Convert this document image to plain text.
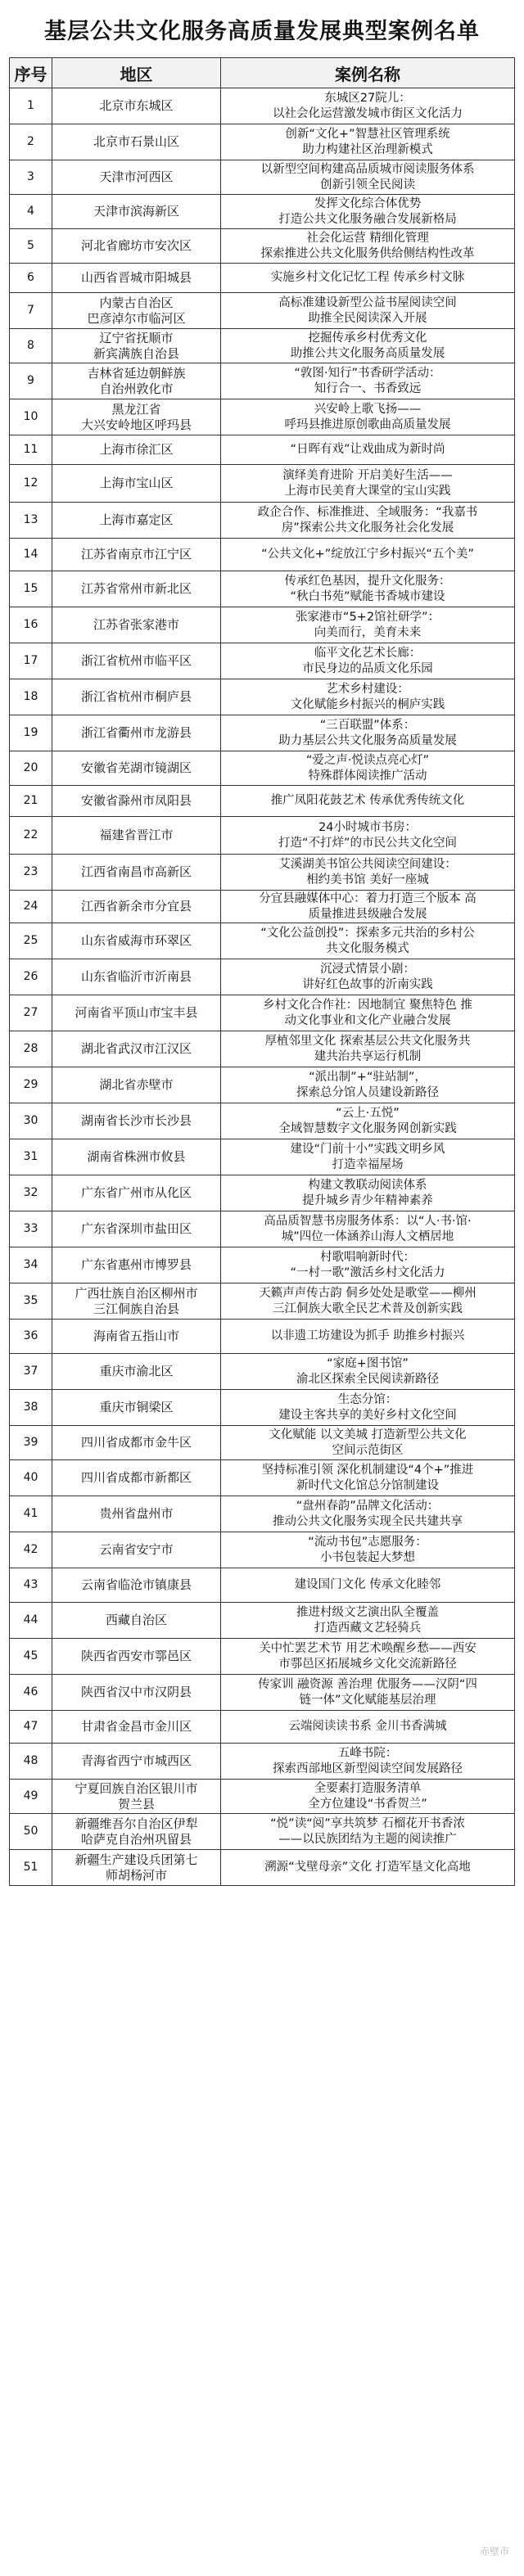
基层公共文化服务高质量发展典型案例名单
序号	地区	案例名称
1	北京市东城区	东城区27院儿：
以社会化运营激发城市街区文化活力

2	北京市石景山区	创新“文化+”智慧社区管理系统
助力构建社区治理新模式

3	天津市河西区	以新型空间构建高品质城市阅读服务体系
创新引领全民阅读

4	天津市滨海新区	发挥文化综合体优势
打造公共文化服务融合发展新格局

5	河北省廊坊市安次区	社会化运营 精细化管理
探索推进公共文化服务供给侧结构性改革

6	山西省晋城市阳城县	实施乡村文化记忆工程 传承乡村文脉

7	内蒙古自治区
巴彦淖尔市临河区	高标准建设新型公益书屋阅读空间
助推全民阅读深入开展

8	辽宁省抚顺市
新宾满族自治县	挖掘传承乡村优秀文化
助推公共文化服务高质量发展

9	吉林省延边朝鲜族
自治州敦化市	“敦图·知行”书香研学活动：
知行合一、书香致远

10	黑龙江省
大兴安岭地区呼玛县	兴安岭上歌飞扬——
呼玛县推进原创歌曲高质量发展

11	上海市徐汇区	“日晖有戏”让戏曲成为新时尚

12	上海市宝山区	演绎美育进阶 开启美好生活——
上海市民美育大课堂的宝山实践

13	上海市嘉定区	政企合作、标准推进、全域服务：“我嘉书
房”探索公共文化服务社会化发展

14	江苏省南京市江宁区	“公共文化+”绽放江宁乡村振兴“五个美”

15	江苏省常州市新北区	传承红色基因，提升文化服务：
“秋白书苑”赋能书香城市建设

16	江苏省张家港市	张家港市“5+2馆社研学”：
向美而行，美育未来

17	浙江省杭州市临平区	临平文化艺术长廊：
市民身边的品质文化乐园

18	浙江省杭州市桐庐县	艺术乡村建设：
文化赋能乡村振兴的桐庐实践

19	浙江省衢州市龙游县	“三百联盟”体系：
助力基层公共文化服务高质量发展

20	安徽省芜湖市镜湖区	“爱之声·悦读点亮心灯”
特殊群体阅读推广活动

21	安徽省滁州市凤阳县	推广凤阳花鼓艺术 传承优秀传统文化

22	福建省晋江市	24小时城市书房：
打造“不打烊”的市民公共文化空间

23	江西省南昌市高新区	艾溪湖美书馆公共阅读空间建设：
相约美书馆 美好一座城

24	江西省新余市分宜县	分宜县融媒体中心：着力打造三个版本 高
质量推进县级融合发展

25	山东省威海市环翠区	“文化公益创投”：探索多元共治的乡村公
共文化服务模式

26	山东省临沂市沂南县	沉浸式情景小剧：
讲好红色故事的沂南实践

27	河南省平顶山市宝丰县	乡村文化合作社：因地制宜 聚焦特色 推
动文化事业和文化产业融合发展

28	湖北省武汉市江汉区	厚植邻里文化 探索基层公共文化服务共
建共治共享运行机制

29	湖北省赤壁市	“派出制”+“驻站制”，
探索总分馆人员建设新路径

30	湖南省长沙市长沙县	“云上·五悦”
全域智慧数字文化服务网创新实践

31	湖南省株洲市攸县	建设“门前十小”实践文明乡风
打造幸福屋场

32	广东省广州市从化区	构建文教联动阅读体系
提升城乡青少年精神素养

33	广东省深圳市盐田区	高品质智慧书房服务体系：以“人·书·馆·
城”四位一体涵养山海人文栖居地

34	广东省惠州市博罗县	村歌唱响新时代：
“一村一歌”激活乡村文化活力

35	广西壮族自治区柳州市
三江侗族自治县	天籁声声传古韵 侗乡处处是歌堂——柳州
三江侗族大歌全民艺术普及创新实践

36	海南省五指山市	以非遗工坊建设为抓手 助推乡村振兴

37	重庆市渝北区	“家庭+图书馆”
渝北区探索全民阅读新路径

38	重庆市铜梁区	生态分馆：
建设主客共享的美好乡村文化空间

39	四川省成都市金牛区	文化赋能 以文美城 打造新型公共文化
空间示范街区

40	四川省成都市新都区	坚持标准引领 深化机制建设“4个+”推进
新时代文化馆总分馆制建设

41	贵州省盘州市	“盘州春韵”品牌文化活动：
推动公共文化服务实现全民共建共享

42	云南省安宁市	“流动书包”志愿服务：
小书包装起大梦想

43	云南省临沧市镇康县	建设国门文化 传承文化睦邻

44	西藏自治区	推进村级文艺演出队全覆盖
打造西藏文艺轻骑兵

45	陕西省西安市鄠邑区	关中忙罢艺术节 用艺术唤醒乡愁——西安
市鄠邑区拓展城乡文化交流新路径

46	陕西省汉中市汉阴县	传家训 融资源 善治理 优服务——汉阴“四
链一体”文化赋能基层治理

47	甘肃省金昌市金川区	云端阅读读书系 金川书香满城

48	青海省西宁市城西区	五峰书院：
探索西部地区新型阅读空间发展路径

49	宁夏回族自治区银川市
贺兰县	全要素打造服务清单
全方位建设“书香贺兰”

50	新疆维吾尔自治区伊犁
哈萨克自治州巩留县	“悦”读“阅”享共筑梦 石榴花开书香浓
——以民族团结为主题的阅读推广

51	新疆生产建设兵团第七
师胡杨河市	溯源“戈壁母亲”文化 打造军垦文化高地
赤壁市
